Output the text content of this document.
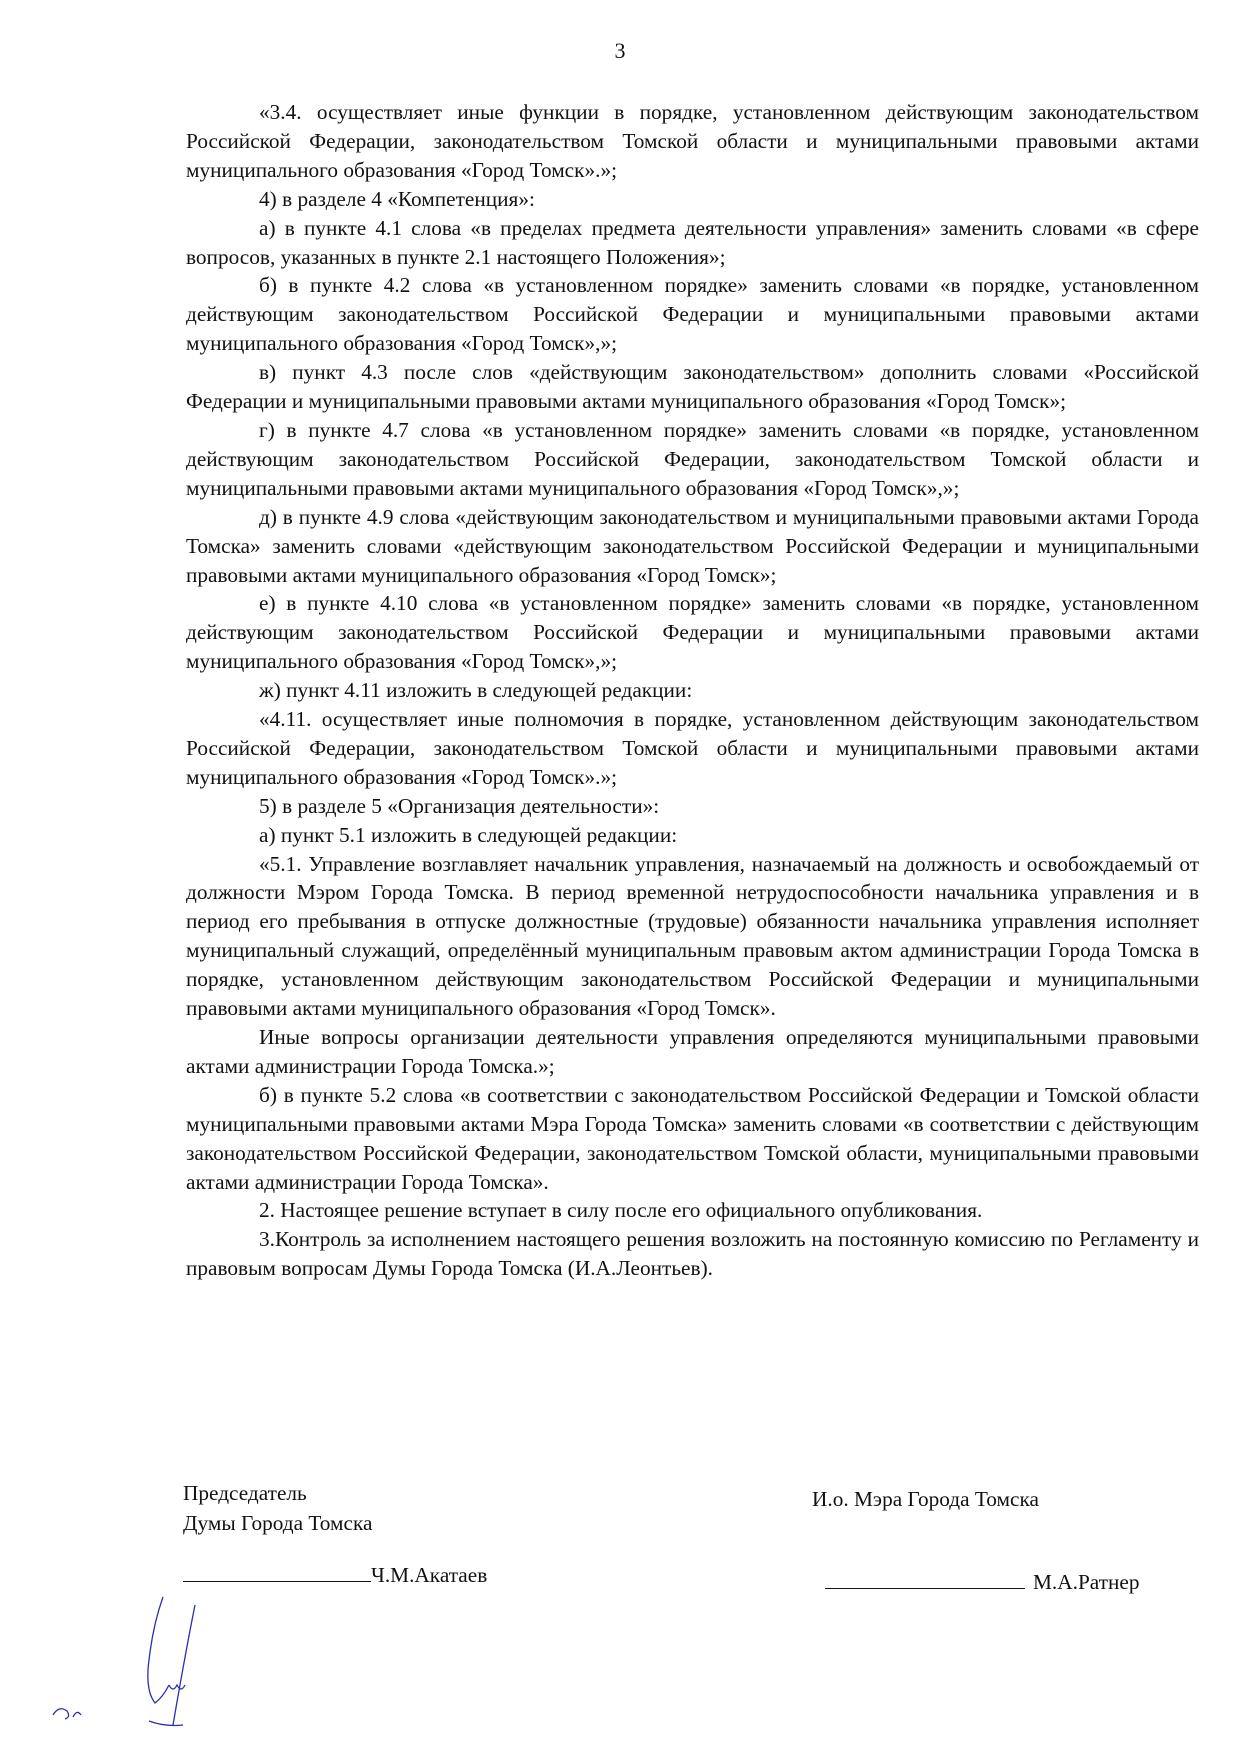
3

«3.4. осуществляет иные функции в порядке, установленном действующим законодательством Российской Федерации, законодательством Томской области и муниципальными правовыми актами муниципального образования «Город Томск».»;

4) в разделе 4 «Компетенция»:

а) в пункте 4.1 слова «в пределах предмета деятельности управления» заменить словами «в сфере вопросов, указанных в пункте 2.1 настоящего Положения»;

б) в пункте 4.2 слова «в установленном порядке» заменить словами «в порядке, установленном действующим законодательством Российской Федерации и муниципальными правовыми актами муниципального образования «Город Томск»,»;

в) пункт 4.3 после слов «действующим законодательством» дополнить словами «Российской Федерации и муниципальными правовыми актами муниципального образования «Город Томск»;

г) в пункте 4.7 слова «в установленном порядке» заменить словами «в порядке, установленном действующим законодательством Российской Федерации, законодательством Томской области и муниципальными правовыми актами муниципального образования «Город Томск»,»;

д) в пункте 4.9 слова «действующим законодательством и муниципальными правовыми актами Города Томска» заменить словами «действующим законодательством Российской Федерации и муниципальными правовыми актами муниципального образования «Город Томск»;

е) в пункте 4.10 слова «в установленном порядке» заменить словами «в порядке, установленном действующим законодательством Российской Федерации и муниципальными правовыми актами муниципального образования «Город Томск»,»;

ж) пункт 4.11 изложить в следующей редакции:

«4.11. осуществляет иные полномочия в порядке, установленном действующим законодательством Российской Федерации, законодательством Томской области и муниципальными правовыми актами муниципального образования «Город Томск».»;

5) в разделе 5 «Организация деятельности»:

а) пункт 5.1 изложить в следующей редакции:

«5.1. Управление возглавляет начальник управления, назначаемый на должность и освобождаемый от должности Мэром Города Томска. В период временной нетрудоспособности начальника управления и в период его пребывания в отпуске должностные (трудовые) обязанности начальника управления исполняет муниципальный служащий, определённый муниципальным правовым актом администрации Города Томска в порядке, установленном действующим законодательством Российской Федерации и муниципальными правовыми актами муниципального образования «Город Томск».

Иные вопросы организации деятельности управления определяются муниципальными правовыми актами администрации Города Томска.»;

б) в пункте 5.2 слова «в соответствии с законодательством Российской Федерации и Томской области муниципальными правовыми актами Мэра Города Томска» заменить словами «в соответствии с действующим законодательством Российской Федерации, законодательством Томской области, муниципальными правовыми актами администрации Города Томска».

2. Настоящее решение вступает в силу после его официального опубликования.

3.Контроль за исполнением настоящего решения возложить на постоянную комиссию по Регламенту и правовым вопросам Думы Города Томска (И.А.Леонтьев).

Председатель
Думы Города Томска
Ч.М.Акатаев
И.о. Мэра Города Томска
М.А.Ратнер
